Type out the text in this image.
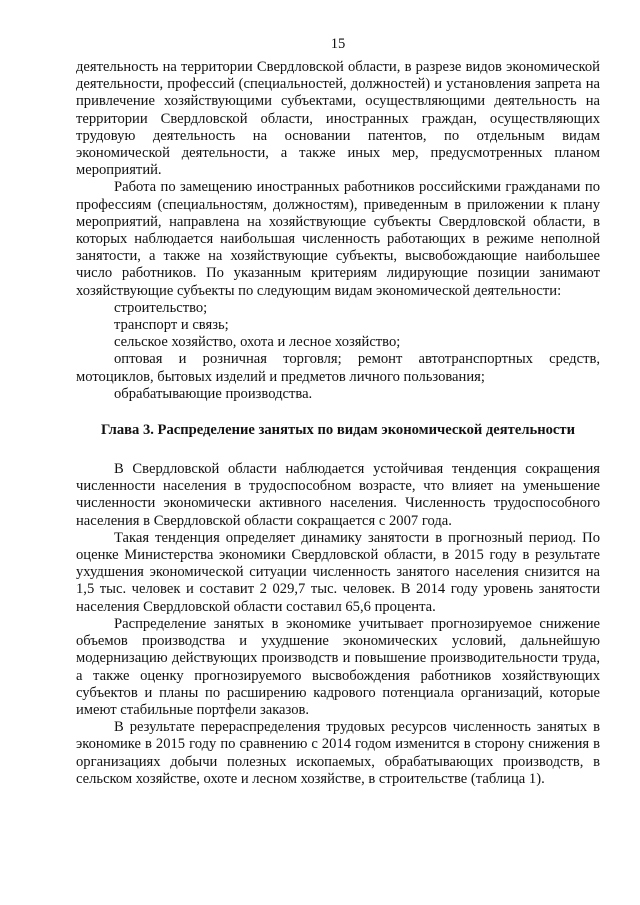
15

деятельность на территории Свердловской области, в разрезе видов экономической деятельности, профессий (специальностей, должностей) и установления запрета на привлечение хозяйствующими субъектами, осуществляющими деятельность на территории Свердловской области, иностранных граждан, осуществляющих трудовую деятельность на основании патентов, по отдельным видам экономической деятельности, а также иных мер, предусмотренных планом мероприятий.

Работа по замещению иностранных работников российскими гражданами по профессиям (специальностям, должностям), приведенным в приложении к плану мероприятий, направлена на хозяйствующие субъекты Свердловской области, в которых наблюдается наибольшая численность работающих в режиме неполной занятости, а также на хозяйствующие субъекты, высвобождающие наибольшее число работников. По указанным критериям лидирующие позиции занимают хозяйствующие субъекты по следующим видам экономической деятельности:

строительство;

транспорт и связь;

сельское хозяйство, охота и лесное хозяйство;

оптовая и розничная торговля; ремонт автотранспортных средств, мотоциклов, бытовых изделий и предметов личного пользования;

обрабатывающие производства.

Глава 3. Распределение занятых по видам экономической деятельности

В Свердловской области наблюдается устойчивая тенденция сокращения численности населения в трудоспособном возрасте, что влияет на уменьшение численности экономически активного населения. Численность трудоспособного населения в Свердловской области сокращается с 2007 года.

Такая тенденция определяет динамику занятости в прогнозный период. По оценке Министерства экономики Свердловской области, в 2015 году в результате ухудшения экономической ситуации численность занятого населения снизится на 1,5 тыс. человек и составит 2 029,7 тыс. человек. В 2014 году уровень занятости населения Свердловской области составил 65,6 процента.

Распределение занятых в экономике учитывает прогнозируемое снижение объемов производства и ухудшение экономических условий, дальнейшую модернизацию действующих производств и повышение производительности труда, а также оценку прогнозируемого высвобождения работников хозяйствующих субъектов и планы по расширению кадрового потенциала организаций, которые имеют стабильные портфели заказов.

В результате перераспределения трудовых ресурсов численность занятых в экономике в 2015 году по сравнению с 2014 годом изменится в сторону снижения в организациях добычи полезных ископаемых, обрабатывающих производств, в сельском хозяйстве, охоте и лесном хозяйстве, в строительстве (таблица 1).
